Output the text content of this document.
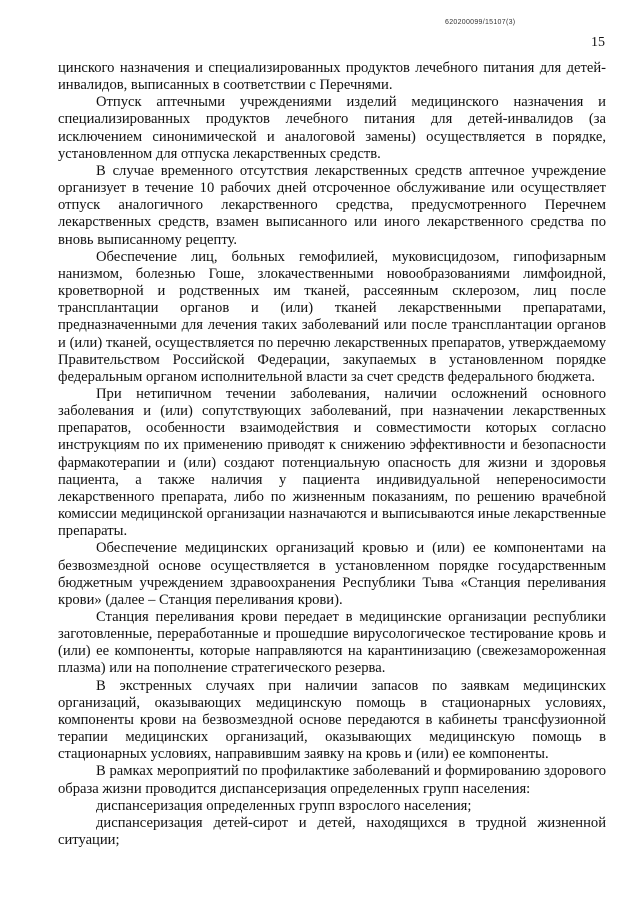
620200099/15107(3)
15

цинского назначения и специализированных продуктов лечебного питания для детей-инвалидов, выписанных в соответствии с Перечнями.

Отпуск аптечными учреждениями изделий медицинского назначения и специализированных продуктов лечебного питания для детей-инвалидов (за исключением синонимической и аналоговой замены) осуществляется в порядке, установленном для отпуска лекарственных средств.

В случае временного отсутствия лекарственных средств аптечное учреждение организует в течение 10 рабочих дней отсроченное обслуживание или осуществляет отпуск аналогичного лекарственного средства, предусмотренного Перечнем лекарственных средств, взамен выписанного или иного лекарственного средства по вновь выписанному рецепту.

Обеспечение лиц, больных гемофилией, муковисцидозом, гипофизарным нанизмом, болезнью Гоше, злокачественными новообразованиями лимфоидной, кроветворной и родственных им тканей, рассеянным склерозом, лиц после трансплантации органов и (или) тканей лекарственными препаратами, предназначенными для лечения таких заболеваний или после трансплантации органов и (или) тканей, осуществляется по перечню лекарственных препаратов, утверждаемому Правительством Российской Федерации, закупаемых в установленном порядке федеральным органом исполнительной власти за счет средств федерального бюджета.

При нетипичном течении заболевания, наличии осложнений основного заболевания и (или) сопутствующих заболеваний, при назначении лекарственных препаратов, особенности взаимодействия и совместимости которых согласно инструкциям по их применению приводят к снижению эффективности и безопасности фармакотерапии и (или) создают потенциальную опасность для жизни и здоровья пациента, а также наличия у пациента индивидуальной непереносимости лекарственного препарата, либо по жизненным показаниям, по решению врачебной комиссии медицинской организации назначаются и выписываются иные лекарственные препараты.

Обеспечение медицинских организаций кровью и (или) ее компонентами на безвозмездной основе осуществляется в установленном порядке государственным бюджетным учреждением здравоохранения Республики Тыва «Станция переливания крови» (далее – Станция переливания крови).

Станция переливания крови передает в медицинские организации республики заготовленные, переработанные и прошедшие вирусологическое тестирование кровь и (или) ее компоненты, которые направляются на карантинизацию (свежезамороженная плазма) или на пополнение стратегического резерва.

В экстренных случаях при наличии запасов по заявкам медицинских организаций, оказывающих медицинскую помощь в стационарных условиях, компоненты крови на безвозмездной основе передаются в кабинеты трансфузионной терапии медицинских организаций, оказывающих медицинскую помощь в стационарных условиях, направившим заявку на кровь и (или) ее компоненты.

В рамках мероприятий по профилактике заболеваний и формированию здорового образа жизни проводится диспансеризация определенных групп населения:

диспансеризация определенных групп взрослого населения;

диспансеризация детей-сирот и детей, находящихся в трудной жизненной ситуации;
